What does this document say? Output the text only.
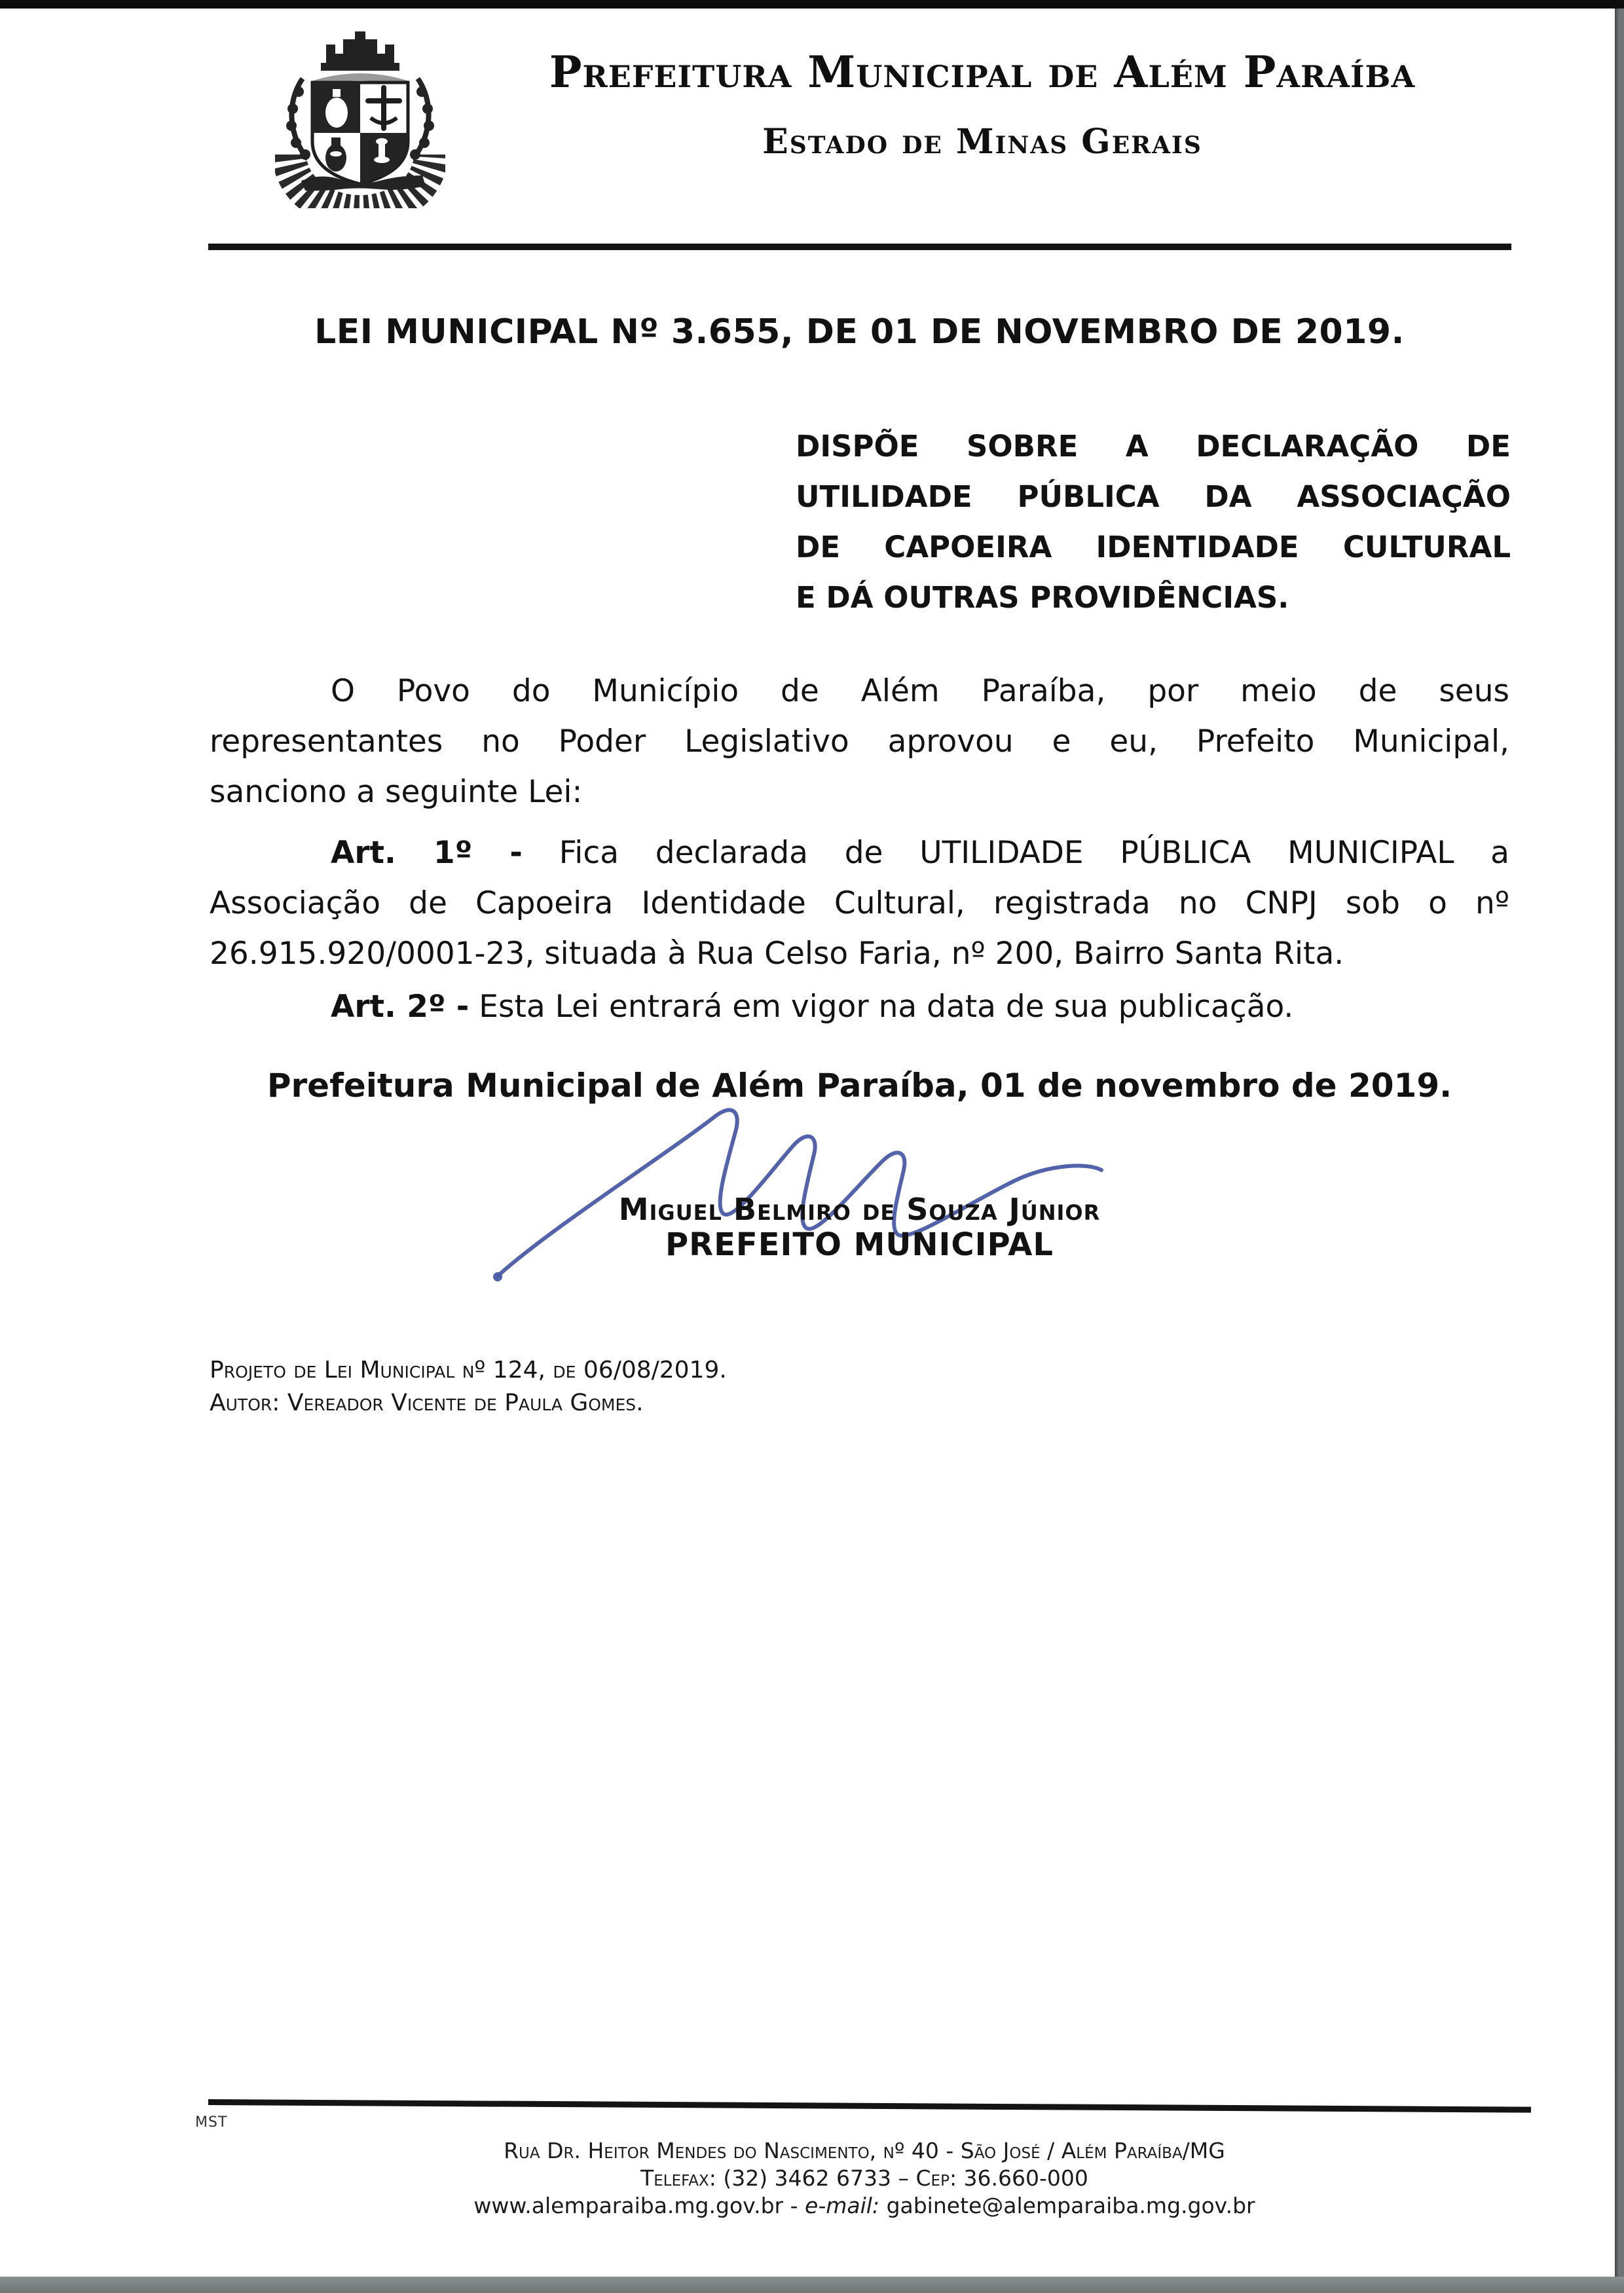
Prefeitura Municipal de Além Paraíba
Estado de Minas Gerais
LEI MUNICIPAL Nº 3.655, DE 01 DE NOVEMBRO DE 2019.
DISPÕE SOBRE A DECLARAÇÃO DE
UTILIDADE PÚBLICA DA ASSOCIAÇÃO
DE CAPOEIRA IDENTIDADE CULTURAL
E DÁ OUTRAS PROVIDÊNCIAS.
O Povo do Município de Além Paraíba, por meio de seus
representantes no Poder Legislativo aprovou e eu, Prefeito Municipal,
sanciono a seguinte Lei:
Art. 1º - Fica declarada de UTILIDADE PÚBLICA MUNICIPAL a
Associação de Capoeira Identidade Cultural, registrada no CNPJ sob o nº
26.915.920/0001-23, situada à Rua Celso Faria, nº 200, Bairro Santa Rita.
Art. 2º - Esta Lei entrará em vigor na data de sua publicação.
Prefeitura Municipal de Além Paraíba, 01 de novembro de 2019.
Miguel Belmiro de Souza Júnior
PREFEITO MUNICIPAL
Projeto de Lei Municipal nº 124, de 06/08/2019.
Autor: Vereador Vicente de Paula Gomes.
MST
Rua Dr. Heitor Mendes do Nascimento, nº 40 - São José / Além Paraíba/MG
Telefax: (32) 3462 6733 – Cep: 36.660-000
www.alemparaiba.mg.gov.br - e-mail: gabinete@alemparaiba.mg.gov.br
